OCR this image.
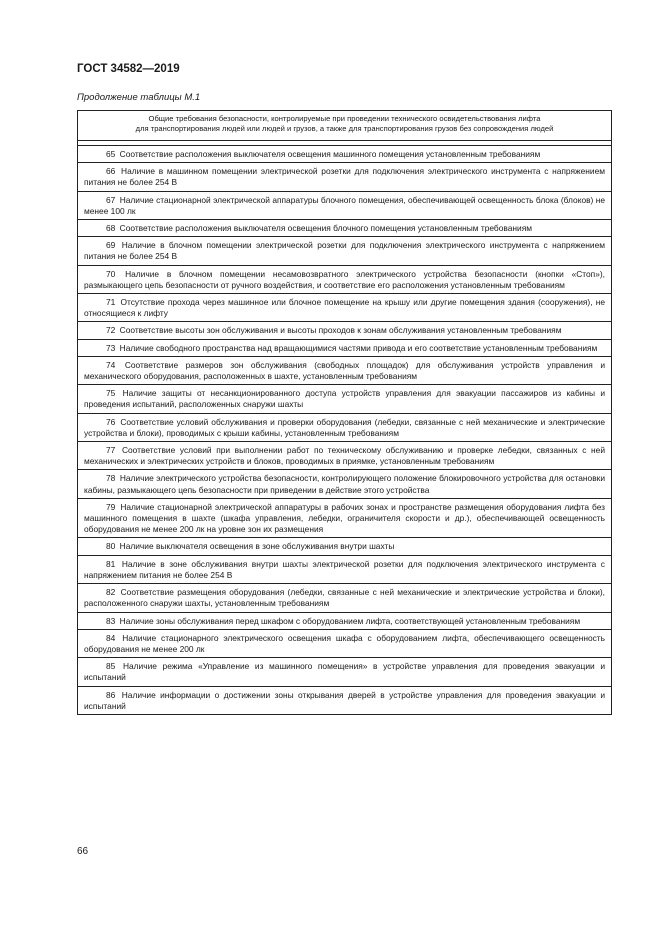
ГОСТ 34582—2019
Продолжение таблицы М.1
Общие требования безопасности, контролируемые при проведении технического освидетельствования лифта
для транспортирования людей или людей и грузов, а также для транспортирования грузов без сопровождения людей
65 Соответствие расположения выключателя освещения машинного помещения установленным требованиям
66 Наличие в машинном помещении электрической розетки для подключения электрического инструмента с напряжением питания не более 254 В
67 Наличие стационарной электрической аппаратуры блочного помещения, обеспечивающей освещенность блока (блоков) не менее 100 лк
68 Соответствие расположения выключателя освещения блочного помещения установленным требованиям
69 Наличие в блочном помещении электрической розетки для подключения электрического инструмента с напряжением питания не более 254 В
70 Наличие в блочном помещении несамовозвратного электрического устройства безопасности (кнопки «Стоп»), размыкающего цепь безопасности от ручного воздействия, и соответствие его расположения установленным требованиям
71 Отсутствие прохода через машинное или блочное помещение на крышу или другие помещения здания (сооружения), не относящиеся к лифту
72 Соответствие высоты зон обслуживания и высоты проходов к зонам обслуживания установленным требованиям
73 Наличие свободного пространства над вращающимися частями привода и его соответствие установленным требованиям
74 Соответствие размеров зон обслуживания (свободных площадок) для обслуживания устройств управления и механического оборудования, расположенных в шахте, установленным требованиям
75 Наличие защиты от несанкционированного доступа устройств управления для эвакуации пассажиров из кабины и проведения испытаний, расположенных снаружи шахты
76 Соответствие условий обслуживания и проверки оборудования (лебедки, связанные с ней механические и электрические устройства и блоки), проводимых с крыши кабины, установленным требованиям
77 Соответствие условий при выполнении работ по техническому обслуживанию и проверке лебедки, связанных с ней механических и электрических устройств и блоков, проводимых в приямке, установленным требованиям
78 Наличие электрического устройства безопасности, контролирующего положение блокировочного устройства для остановки кабины, размыкающего цепь безопасности при приведении в действие этого устройства
79 Наличие стационарной электрической аппаратуры в рабочих зонах и пространстве размещения оборудования лифта без машинного помещения в шахте (шкафа управления, лебедки, ограничителя скорости и др.), обеспечивающей освещенность оборудования не менее 200 лк на уровне зон их размещения
80 Наличие выключателя освещения в зоне обслуживания внутри шахты
81 Наличие в зоне обслуживания внутри шахты электрической розетки для подключения электрического инструмента с напряжением питания не более 254 В
82 Соответствие размещения оборудования (лебедки, связанные с ней механические и электрические устройства и блоки), расположенного снаружи шахты, установленным требованиям
83 Наличие зоны обслуживания перед шкафом с оборудованием лифта, соответствующей установленным требованиям
84 Наличие стационарного электрического освещения шкафа с оборудованием лифта, обеспечивающего освещенность оборудования не менее 200 лк
85 Наличие режима «Управление из машинного помещения» в устройстве управления для проведения эвакуации и испытаний
86 Наличие информации о достижении зоны открывания дверей в устройстве управления для проведения эвакуации и испытаний
66
